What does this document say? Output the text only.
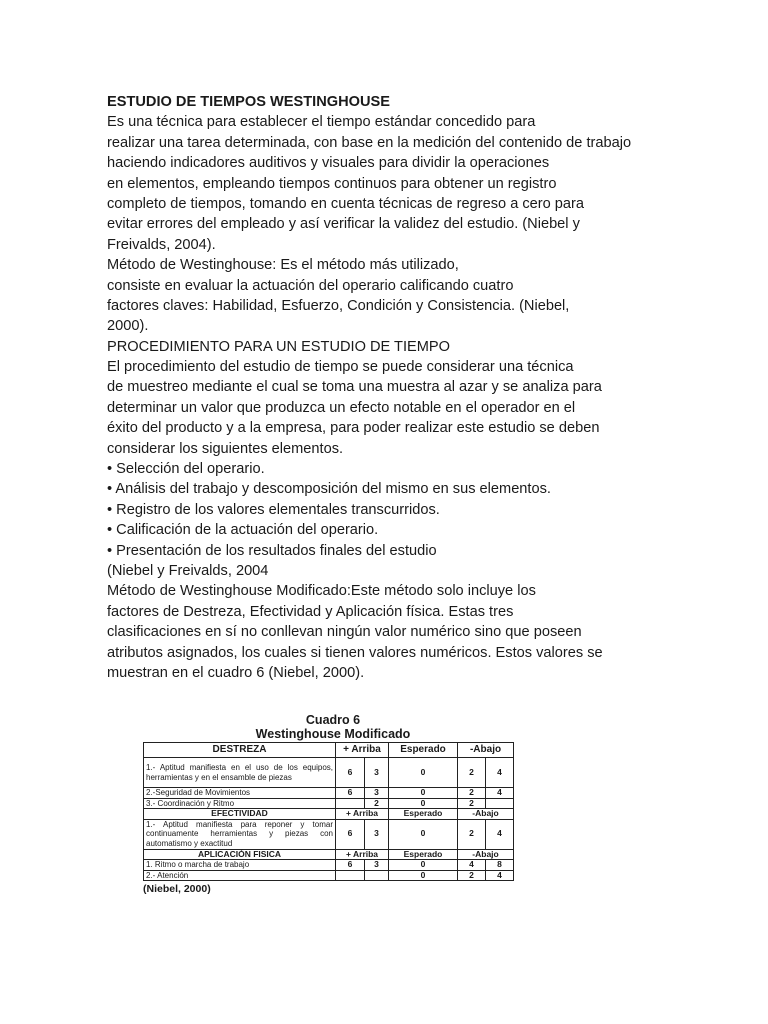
ESTUDIO DE TIEMPOS WESTINGHOUSE
Es una técnica para establecer el tiempo estándar concedido para
realizar una tarea determinada, con base en la medición del contenido de trabajo
haciendo indicadores auditivos y visuales para dividir la operaciones
en elementos, empleando tiempos continuos para obtener un registro
completo de tiempos, tomando en cuenta técnicas de regreso a cero para
evitar errores del empleado y así verificar la validez del estudio. (Niebel y
Freivalds, 2004).
Método de Westinghouse: Es el método más utilizado,
consiste en evaluar la actuación del operario calificando cuatro
factores claves: Habilidad, Esfuerzo, Condición y Consistencia. (Niebel,
2000).
PROCEDIMIENTO PARA UN ESTUDIO DE TIEMPO
El procedimiento del estudio de tiempo se puede considerar una técnica
de muestreo mediante el cual se toma una muestra al azar y se analiza para
determinar un valor que produzca un efecto notable en el operador en el
éxito del producto y a la empresa, para poder realizar este estudio se deben
considerar los siguientes elementos.
• Selección del operario.
• Análisis del trabajo y descomposición del mismo en sus elementos.
• Registro de los valores elementales transcurridos.
• Calificación de la actuación del operario.
• Presentación de los resultados finales del estudio
(Niebel y Freivalds, 2004
Método de Westinghouse Modificado:Este método solo incluye los
factores de Destreza, Efectividad y Aplicación física. Estas tres
clasificaciones en sí no conllevan ningún valor numérico sino que poseen
atributos asignados, los cuales si tienen valores numéricos. Estos valores se
muestran en el cuadro 6 (Niebel, 2000).
Cuadro 6
Westinghouse Modificado
DESTREZA	+ Arriba		Esperado	-Abajo	
1.- Aptitud manifiesta en el uso de los equipos, herramientas y en el ensamble de piezas	6	3	0	2	4
2.-Seguridad de Movimientos	6	3	0	2	4
3.- Coordinación y Ritmo		2	0	2	
EFECTIVIDAD	+ Arriba		Esperado	-Abajo	
1.- Aptitud manifiesta para reponer y tomar continuamente herramientas y piezas con automatismo y exactitud	6	3	0	2	4
APLICACIÓN FISICA	+ Arriba		Esperado	-Abajo	
1. Ritmo o marcha de trabajo	6	3	0	4	8
2.- Atención			0	2	4
(Niebel, 2000)
